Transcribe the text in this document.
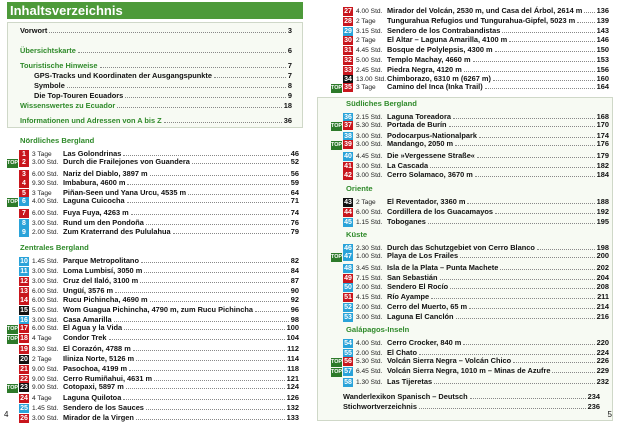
Inhaltsverzeichnis
Vorwort	3
Übersichtskarte	6
Touristische Hinweise	7
GPS-Tracks und Koordinaten der Ausgangspunkte	7
Symbole	8
Die Top-Touren Ecuadors	9
Wissenswertes zu Ecuador	18
Informationen und Adressen von A bis Z	36
Nördliches Bergland
1 3 Tage	Las Golondrinas	46
TOP 2 3.00 Std. Durch die Frailejones von Guandera	52
3 6.00 Std. Nariz del Diablo, 3897 m	56
4 9.30 Std. Imbabura, 4600 m	59
5 3 Tage	Piñan-Seen und Yana Urcu, 4535 m	64
TOP 6 4.00 Std. Laguna Cuicocha	71
7 6.00 Std. Fuya Fuya, 4263 m	74
8 3.00 Std. Rund um den Pondoña	76
9 2.00 Std. Zum Kraterrand des Pululahua	79
Zentrales Bergland
10 1.45 Std. Parque Metropolitano	82
11 3.00 Std. Loma Lumbisí, 3050 m	84
12 3.00 Std. Cruz del Ilaló, 3100 m	87
13 6.00 Std. Ungüí, 3576 m	90
14 6.00 Std. Rucu Pichincha, 4690 m	92
15 5.00 Std. Wom Guagua Pichincha, 4790 m, zum Rucu Pichincha	96
16 3.00 Std. Casa Amarilla	98
TOP 17 6.00 Std. El Agua y la Vida	100
TOP 18 4 Tage	Condor Trek	104
19 8.30 Std. El Corazón, 4788 m	112
20 2 Tage	Iliniza Norte, 5126 m	114
21 9.00 Std. Pasochoa, 4199 m	118
22 9.00 Std. Cerro Rumiñahui, 4631 m	121
TOP 23 9.00 Std. Cotopaxi, 5897 m	124
24 4 Tage	Laguna Quilotoa	126
25 1.45 Std. Sendero de los Sauces	132
26 3.00 Std. Mirador de la Virgen	133
4
27 4.00 Std. Mirador del Volcán, 2530 m, und Casa del Árbol, 2614 m 136
28 2 Tage	Tungurahua Refugios und Tungurahua-Gipfel, 5023 m	139
29 3.15 Std. Sendero de los Contrabandistas	143
30 2 Tage	El Altar – Laguna Amarilla, 4100 m	146
31 4.45 Std. Bosque de Polylepsis, 4300 m	150
32 5.00 Std. Templo Machay, 4660 m	153
33 2.45 Std. Piedra Negra, 4120 m	156
34 13.00 Std. Chimborazo, 6310 m (6267 m)	160
TOP 35 3 Tage	Camino del Inca (Inka Trail)	164
Südliches Bergland
36 2.15 Std. Laguna Toreadora	168
TOP 37 5.30 Std. Portada de Burín	170
38 3.00 Std. Podocarpus-Nationalpark	174
TOP 39 3.00 Std. Mandango, 2050 m	176
40 4.45 Std. Die »Vergessene Straße«	179
41 3.00 Std. La Cascada	182
42 3.00 Std. Cerro Solamaco, 3670 m	184
Oriente
43 2 Tage	El Reventador, 3360 m	188
44 6.00 Std. Cordillera de los Guacamayos	192
45 1.15 Std. Toboganes	195
Küste
46 2.30 Std. Durch das Schutzgebiet von Cerro Blanco	198
TOP 47 1.00 Std. Playa de Los Frailes	200
48 3.45 Std. Isla de la Plata – Punta Machete	202
49 7.15 Std. San Sebastián	204
50 2.00 Std. Sendero El Rocío	208
51 4.15 Std. Río Ayampe	211
52 2.00 Std. Cerro del Muerto, 65 m	214
53 3.00 Std. Laguna El Canclón	216
Galápagos-Inseln
54 4.00 Std. Cerro Crocker, 840 m	220
55 2.00 Std. El Chato	224
TOP 56 5.30 Std. Volcán Sierra Negra – Volcán Chico	226
TOP 57 6.45 Std. Volcán Sierra Negra, 1010 m – Minas de Azufre	229
58 1.30 Std. Las Tijeretas	232
Wanderlexikon Spanisch – Deutsch	234
Stichwortverzeichnis	236
5
